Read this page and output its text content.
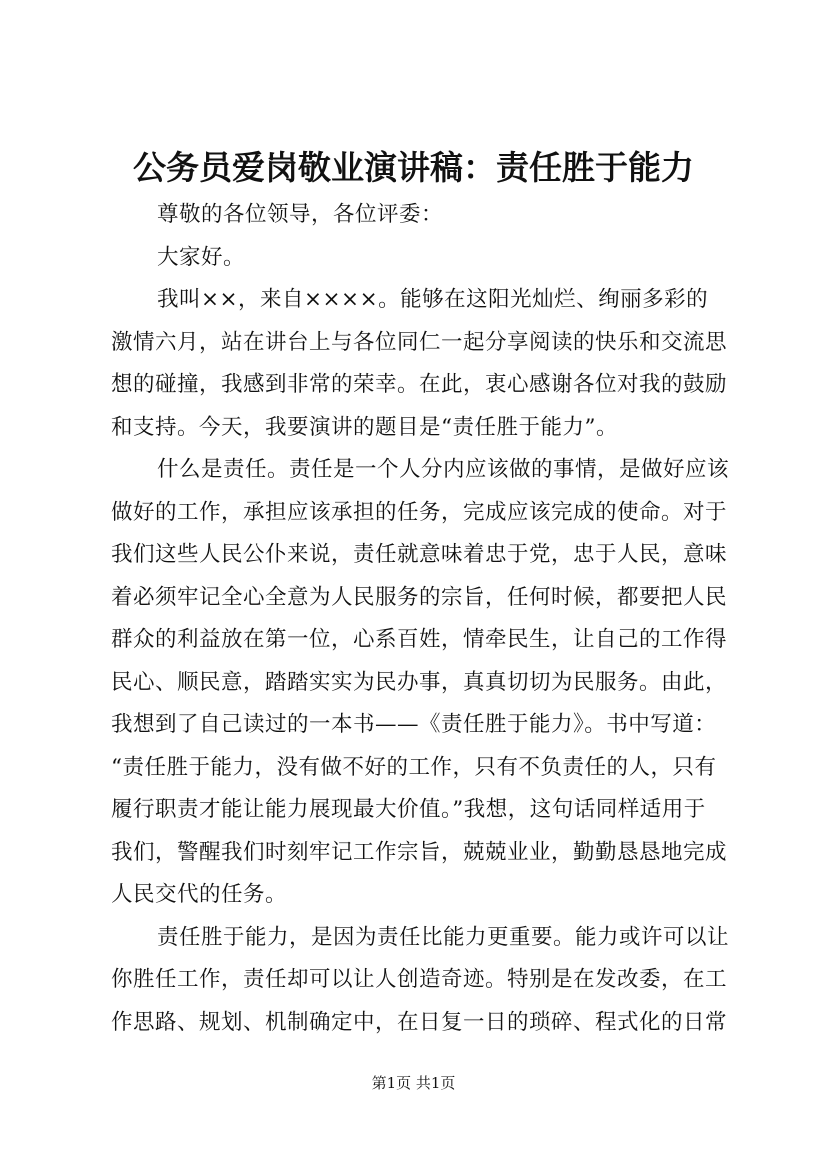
公务员爱岗敬业演讲稿：责任胜于能力
尊敬的各位领导，各位评委：
大家好。
我叫××，来自××××。能够在这阳光灿烂、绚丽多彩的
激情六月，站在讲台上与各位同仁一起分享阅读的快乐和交流思
想的碰撞，我感到非常的荣幸。在此，衷心感谢各位对我的鼓励
和支持。今天，我要演讲的题目是“责任胜于能力”。
什么是责任。责任是一个人分内应该做的事情，是做好应该
做好的工作，承担应该承担的任务，完成应该完成的使命。对于
我们这些人民公仆来说，责任就意味着忠于党，忠于人民，意味
着必须牢记全心全意为人民服务的宗旨，任何时候，都要把人民
群众的利益放在第一位，心系百姓，情牵民生，让自己的工作得
民心、顺民意，踏踏实实为民办事，真真切切为民服务。由此，
我想到了自己读过的一本书——《责任胜于能力》。书中写道：
“责任胜于能力，没有做不好的工作，只有不负责任的人，只有
履行职责才能让能力展现最大价值。”我想，这句话同样适用于
我们，警醒我们时刻牢记工作宗旨，兢兢业业，勤勤恳恳地完成
人民交代的任务。
责任胜于能力，是因为责任比能力更重要。能力或许可以让
你胜任工作，责任却可以让人创造奇迹。特别是在发改委，在工
作思路、规划、机制确定中，在日复一日的琐碎、程式化的日常
第1页 共1页
